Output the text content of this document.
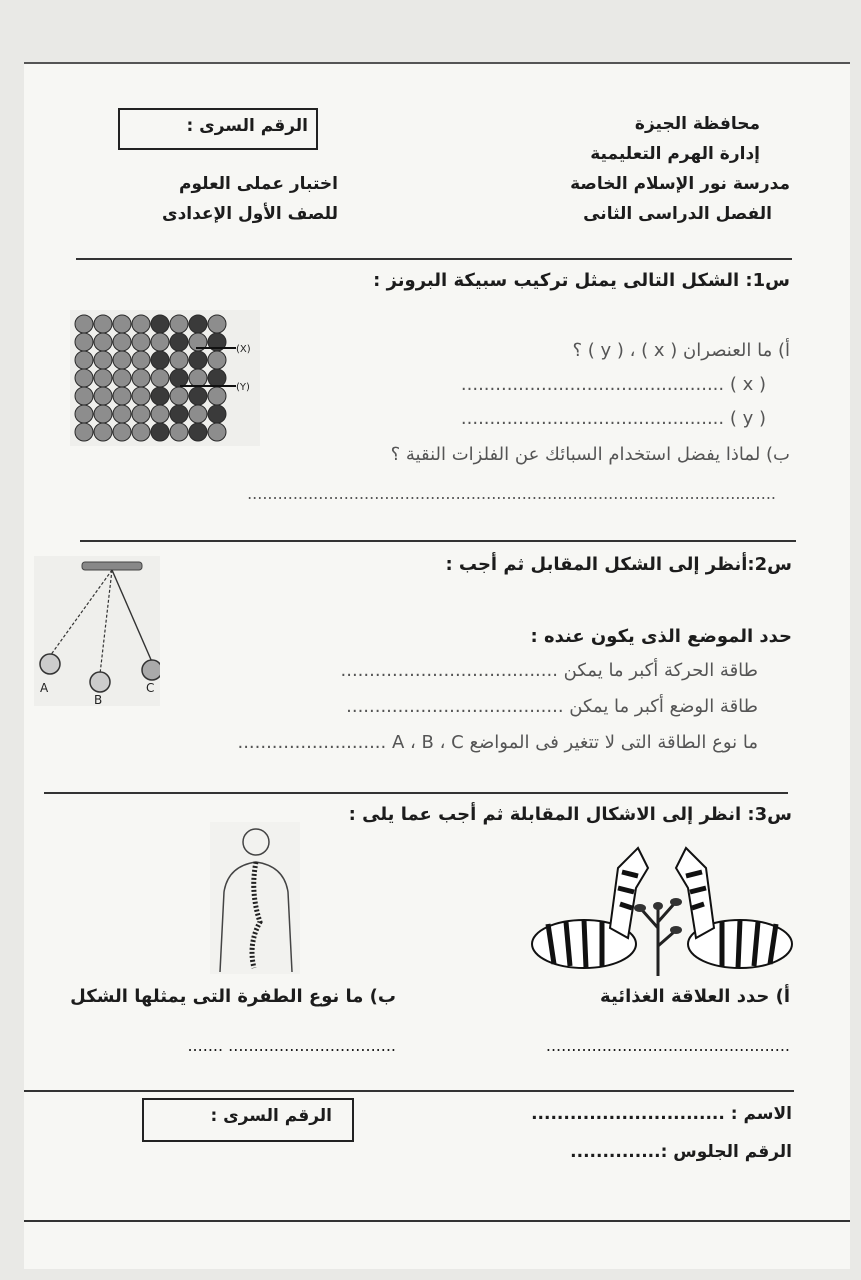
الرقم السرى :	محافظة الجيزة
إدارة الهرم التعليمية
مدرسة نور الإسلام الخاصة
الفصل الدراسى الثانى
اختبار عملى العلوم
للصف الأول الإعدادى
س1: الشكل التالى يمثل تركيب سبيكة البرونز :
(X)
(Y)
أ) ما العنصران ( x ) ، ( y ) ؟
( x ) ..............................................
( y ) ..............................................
ب) لماذا يفضل استخدام السبائك عن الفلزات النقية ؟
........................................................................................................
س2:أنظر إلى الشكل المقابل ثم أجب :
A
B
C
حدد الموضع الذى يكون عنده :
طاقة الحركة أكبر ما يمكن ......................................
طاقة الوضع أكبر ما يمكن ......................................
ما نوع الطاقة التى لا تتغير فى المواضع A ، B ، C ..........................
س3: انظر إلى الاشكال المقابلة ثم أجب عما يلى :
أ) حدد العلاقة الغذائية
ب) ما نوع الطفرة التى يمثلها الشكل
................................................
................................. .......
الرقم السرى :	الاسم : ..............................
الرقم الجلوس :..............
